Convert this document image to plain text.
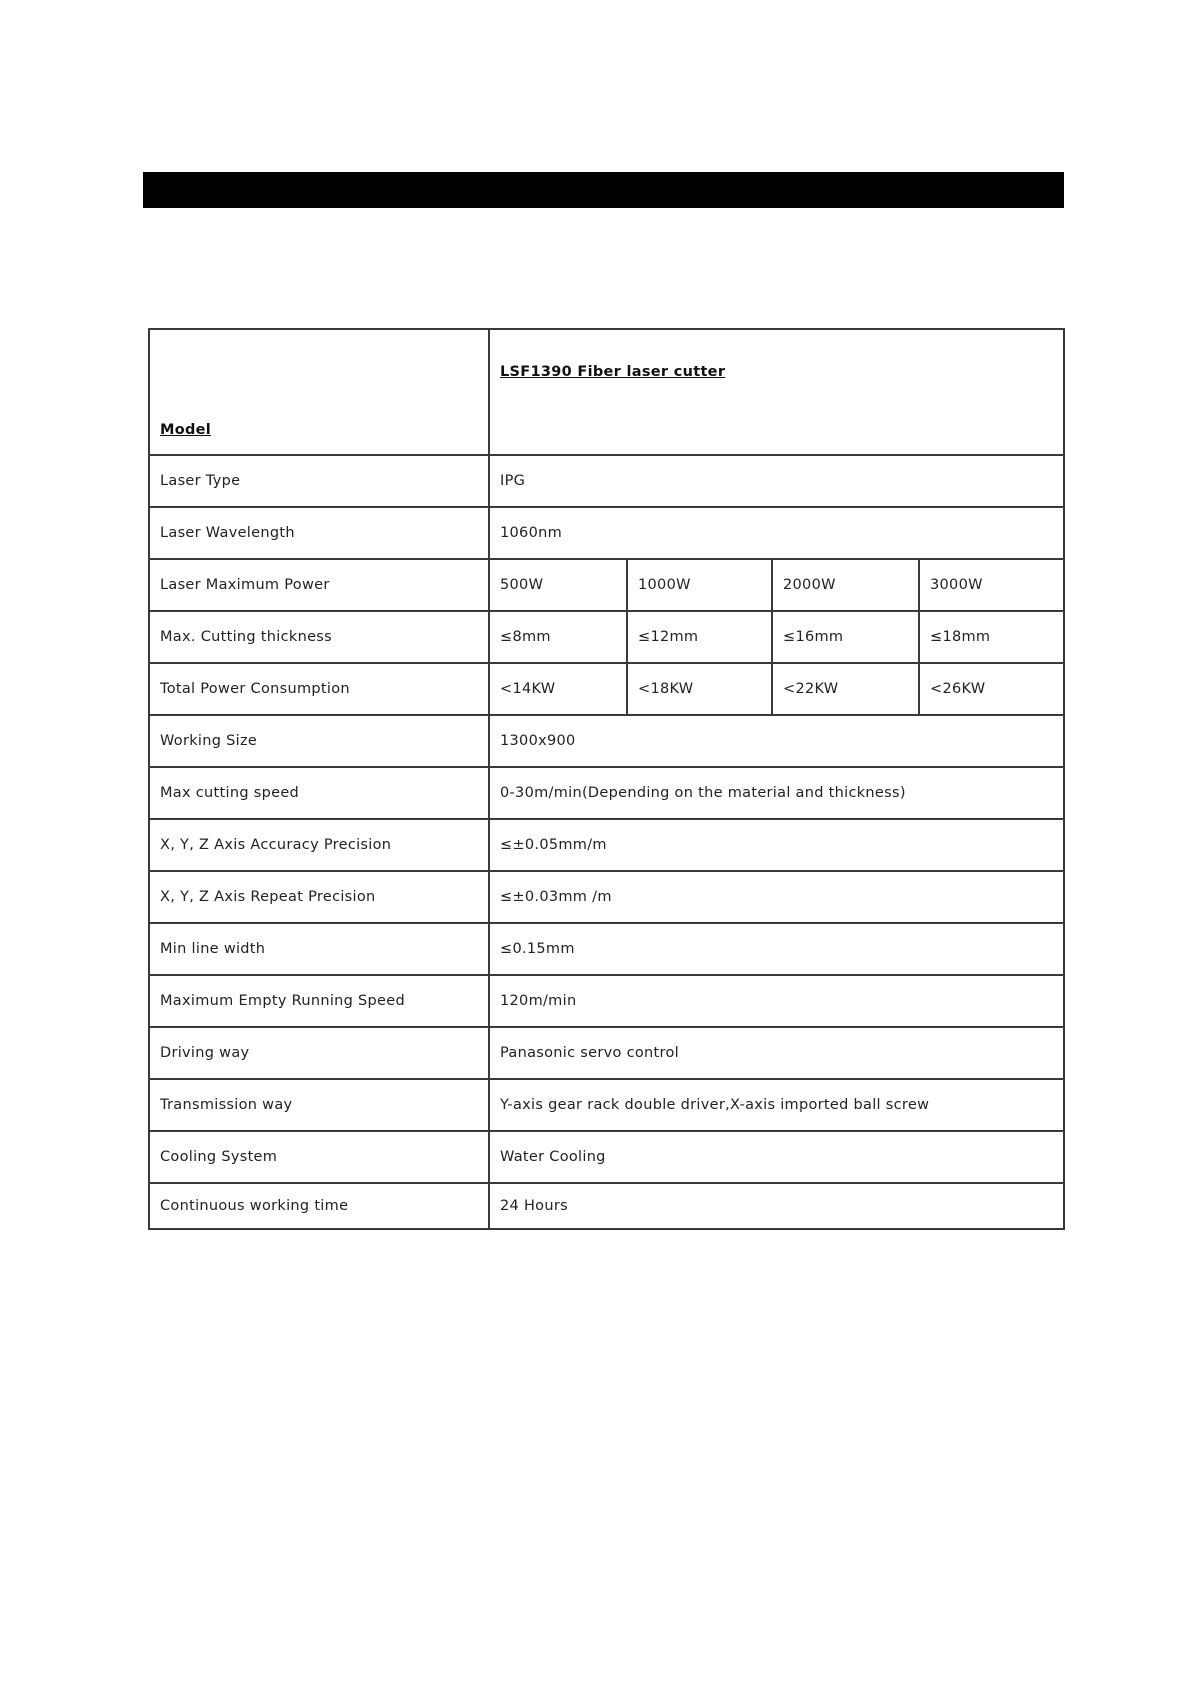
Model	LSF1390 Fiber laser cutter			
Laser Type	IPG			
Laser Wavelength	1060nm			
Laser Maximum Power	500W	1000W	2000W	3000W
Max. Cutting thickness	≤8mm	≤12mm	≤16mm	≤18mm
Total Power Consumption	<14KW	<18KW	<22KW	<26KW
Working Size	1300x900			
Max cutting speed	0-30m/min(Depending on the material and thickness)			
X, Y, Z Axis Accuracy Precision	≤±0.05mm/m			
X, Y, Z Axis Repeat Precision	≤±0.03mm /m			
Min line width	≤0.15mm			
Maximum Empty Running Speed	120m/min			
Driving way	Panasonic servo control			
Transmission way	Y-axis gear rack double driver,X-axis imported ball screw			
Cooling System	Water Cooling			
Continuous working time	24 Hours			
